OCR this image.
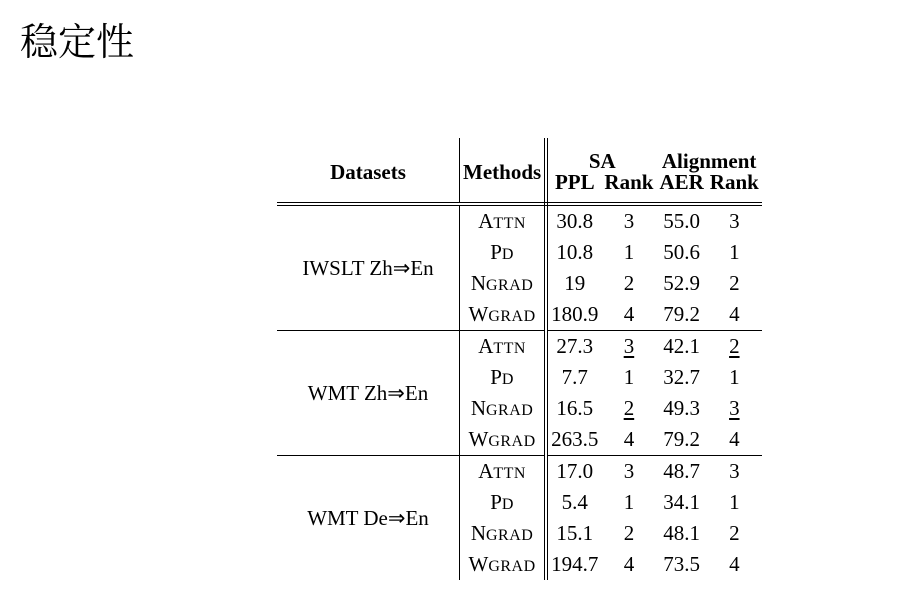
稳定性
Datasets	Methods	SA		Alignment	
		PPL	Rank	AER	Rank
IWSLT Zh⇒En	ATTN	30.8	3	55.0	3
	PD	10.8	1	50.6	1
	NGRAD	19	2	52.9	2
	WGRAD	180.9	4	79.2	4
WMT Zh⇒En	ATTN	27.3	3	42.1	2
	PD	7.7	1	32.7	1
	NGRAD	16.5	2	49.3	3
	WGRAD	263.5	4	79.2	4
WMT De⇒En	ATTN	17.0	3	48.7	3
	PD	5.4	1	34.1	1
	NGRAD	15.1	2	48.1	2
	WGRAD	194.7	4	73.5	4
